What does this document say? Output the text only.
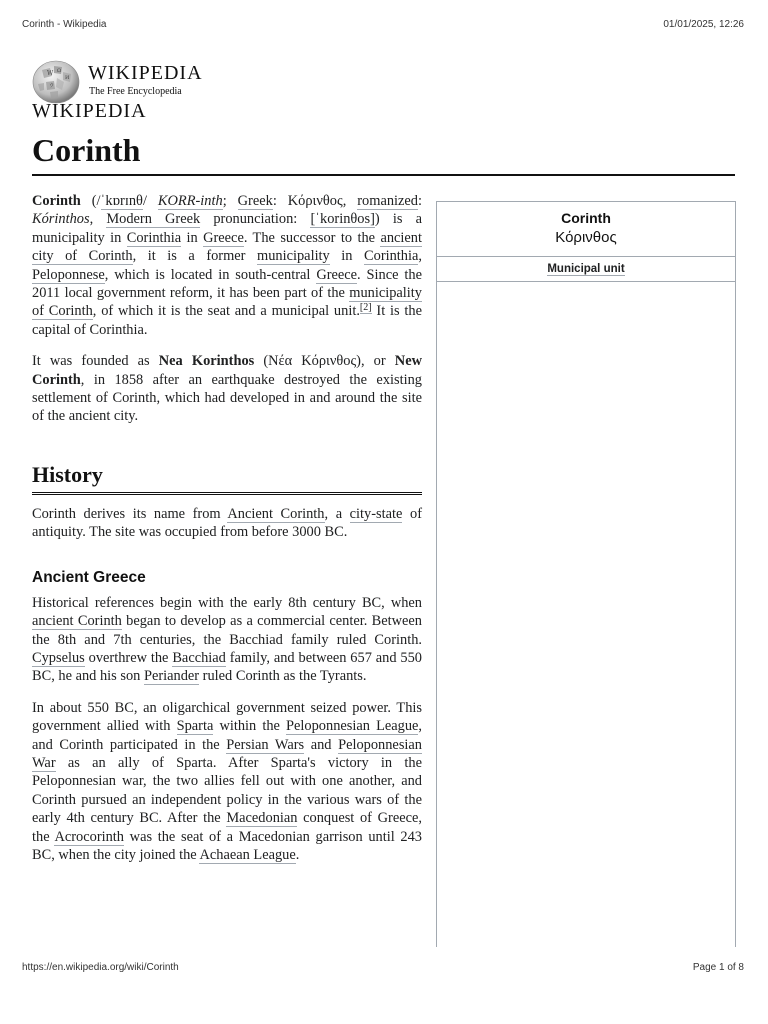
Corinth - Wikipedia	01/01/2025, 12:26
W Ω
И
ウ
WIKIPEDIA
The Free Encyclopedia
WIKIPEDIA
Corinth

Corinth (/ˈkɒrɪnθ/ KORR-inth; Greek: Κόρινθος, romanized: Kórinthos, Modern Greek pronunciation: [ˈkorinθos]) is a municipality in Corinthia in Greece. The successor to the ancient city of Corinth, it is a former municipality in Corinthia, Peloponnese, which is located in south-central Greece. Since the 2011 local government reform, it has been part of the municipality of Corinth, of which it is the seat and a municipal unit.[2] It is the capital of Corinthia.

It was founded as Nea Korinthos (Νέα Κόρινθος), or New Corinth, in 1858 after an earthquake destroyed the existing settlement of Corinth, which had developed in and around the site of the ancient city.

History

Corinth derives its name from Ancient Corinth, a city-state of antiquity. The site was occupied from before 3000 BC.

Ancient Greece

Historical references begin with the early 8th century BC, when ancient Corinth began to develop as a commercial center. Between the 8th and 7th centuries, the Bacchiad family ruled Corinth. Cypselus overthrew the Bacchiad family, and between 657 and 550 BC, he and his son Periander ruled Corinth as the Tyrants.

In about 550 BC, an oligarchical government seized power. This government allied with Sparta within the Peloponnesian League, and Corinth participated in the Persian Wars and Peloponnesian War as an ally of Sparta. After Sparta's victory in the Peloponnesian war, the two allies fell out with one another, and Corinth pursued an independent policy in the various wars of the early 4th century BC. After the Macedonian conquest of Greece, the Acrocorinth was the seat of a Macedonian garrison until 243 BC, when the city joined the Achaean League.

Corinth
Κόρινθος
Municipal unit
https://en.wikipedia.org/wiki/Corinth	Page 1 of 8
